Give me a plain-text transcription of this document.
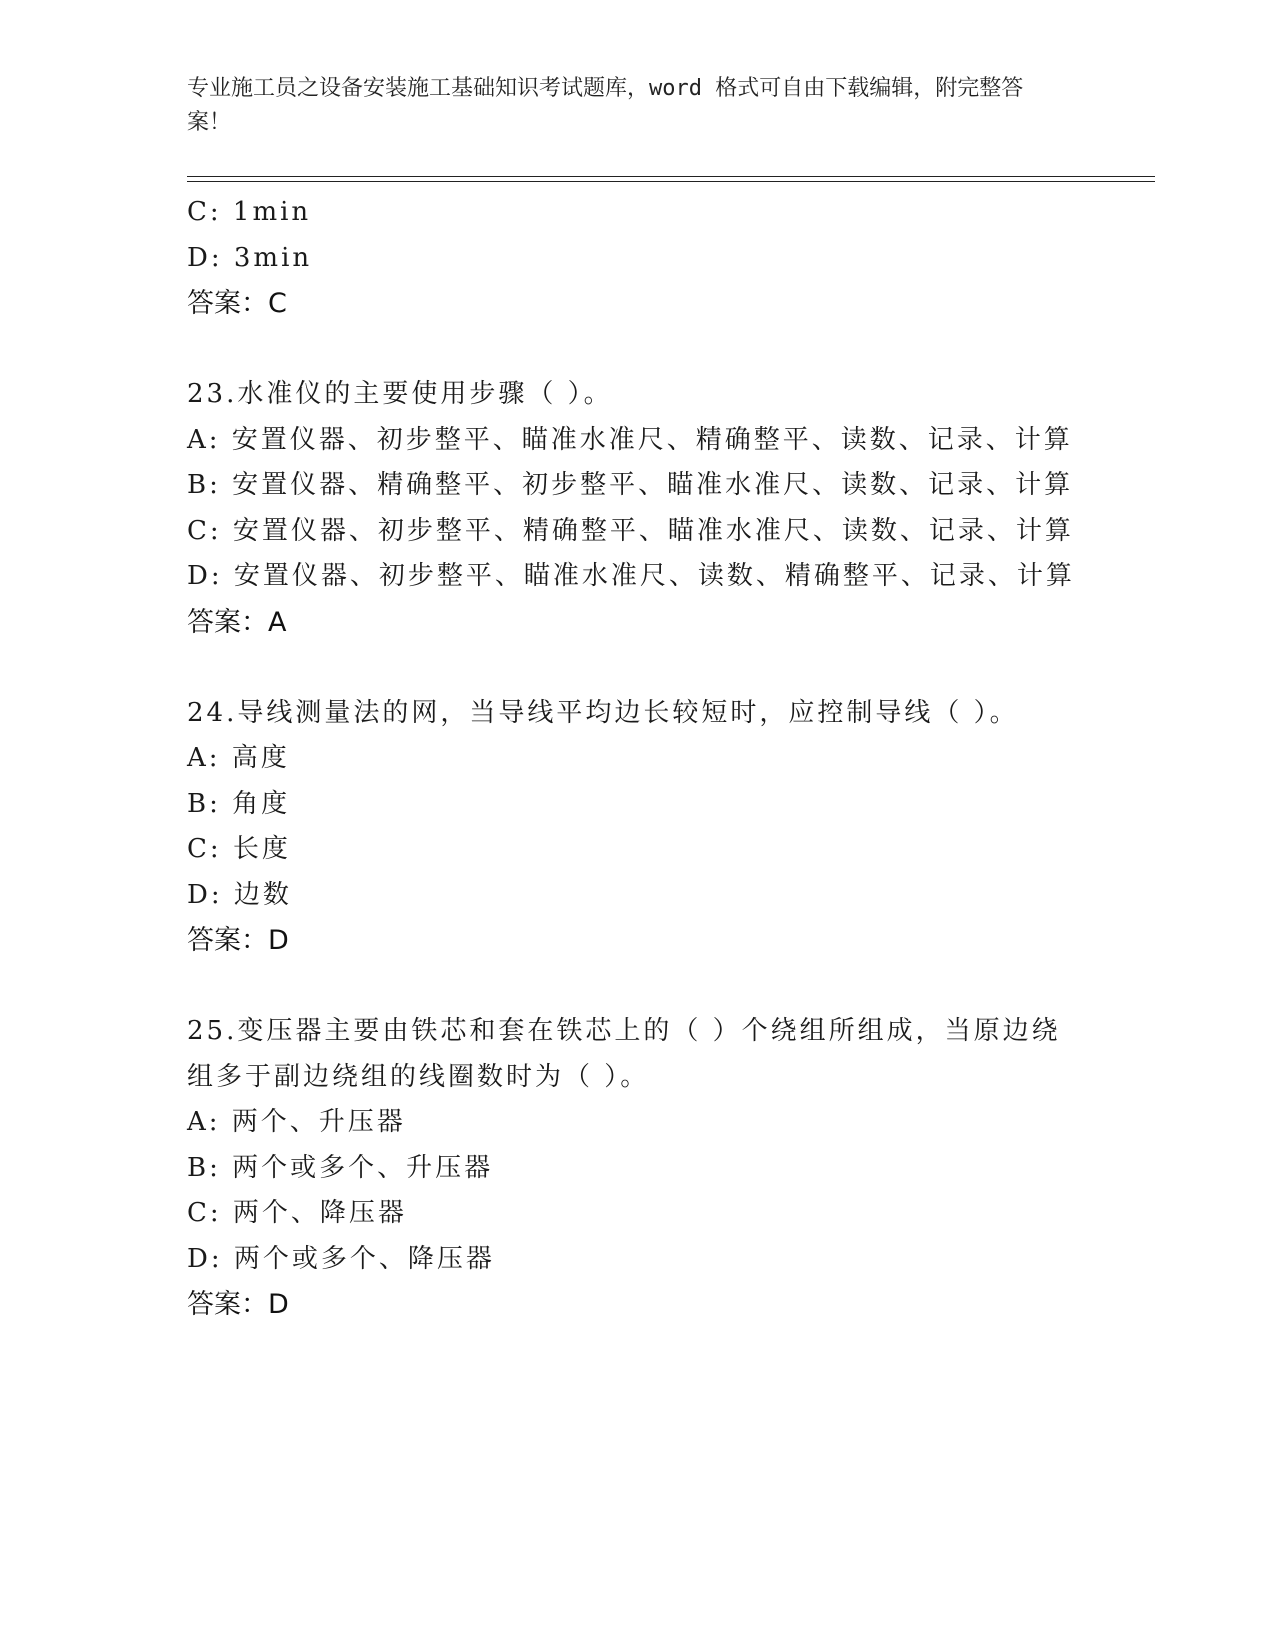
专业施工员之设备安装施工基础知识考试题库，word 格式可自由下载编辑，附完整答案！
C: 1min
D: 3min
答案：C
23.水准仪的主要使用步骤（ ）。
A: 安置仪器、初步整平、瞄准水准尺、精确整平、读数、记录、计算
B: 安置仪器、精确整平、初步整平、瞄准水准尺、读数、记录、计算
C: 安置仪器、初步整平、精确整平、瞄准水准尺、读数、记录、计算
D: 安置仪器、初步整平、瞄准水准尺、读数、精确整平、记录、计算
答案：A
24.导线测量法的网，当导线平均边长较短时，应控制导线（ ）。
A: 高度
B: 角度
C: 长度
D: 边数
答案：D
25.变压器主要由铁芯和套在铁芯上的（ ）个绕组所组成，当原边绕
组多于副边绕组的线圈数时为（ ）。
A: 两个、升压器
B: 两个或多个、升压器
C: 两个、降压器
D: 两个或多个、降压器
答案：D
